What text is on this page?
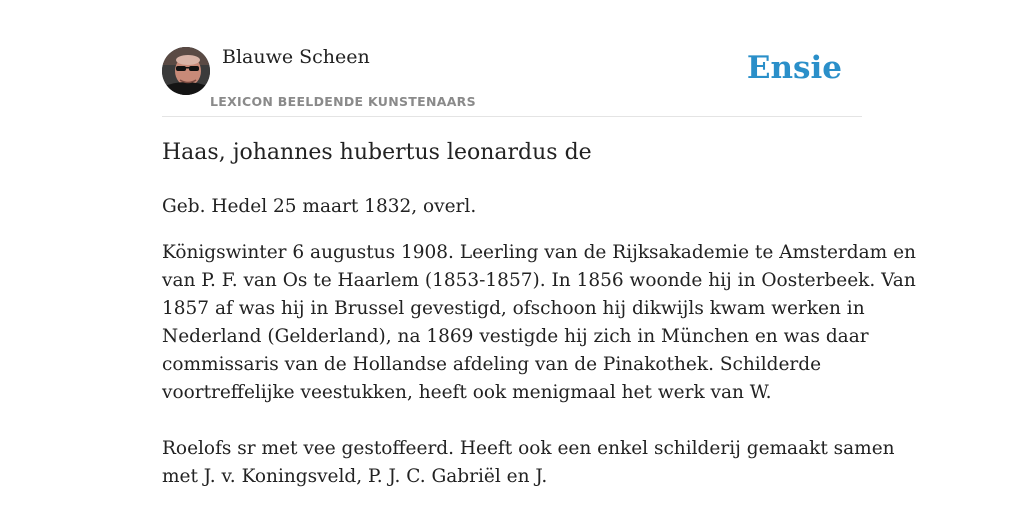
Blauwe Scheen
LEXICON BEELDENDE KUNSTENAARS
Ensie
Haas, johannes hubertus leonardus de

Geb. Hedel 25 maart 1832, overl.

Königswinter 6 augustus 1908. Leerling van de Rijksakademie te Amsterdam en
van P. F. van Os te Haarlem (1853-1857). In 1856 woonde hij in Oosterbeek. Van
1857 af was hij in Brussel gevestigd, ofschoon hij dikwijls kwam werken in
Nederland (Gelderland), na 1869 vestigde hij zich in München en was daar
commissaris van de Hollandse afdeling van de Pinakothek. Schilderde
voortreffelijke veestukken, heeft ook menigmaal het werk van W.
Roelofs sr met vee gestoffeerd. Heeft ook een enkel schilderij gemaakt samen
met J. v. Koningsveld, P. J. C. Gabriël en J.
